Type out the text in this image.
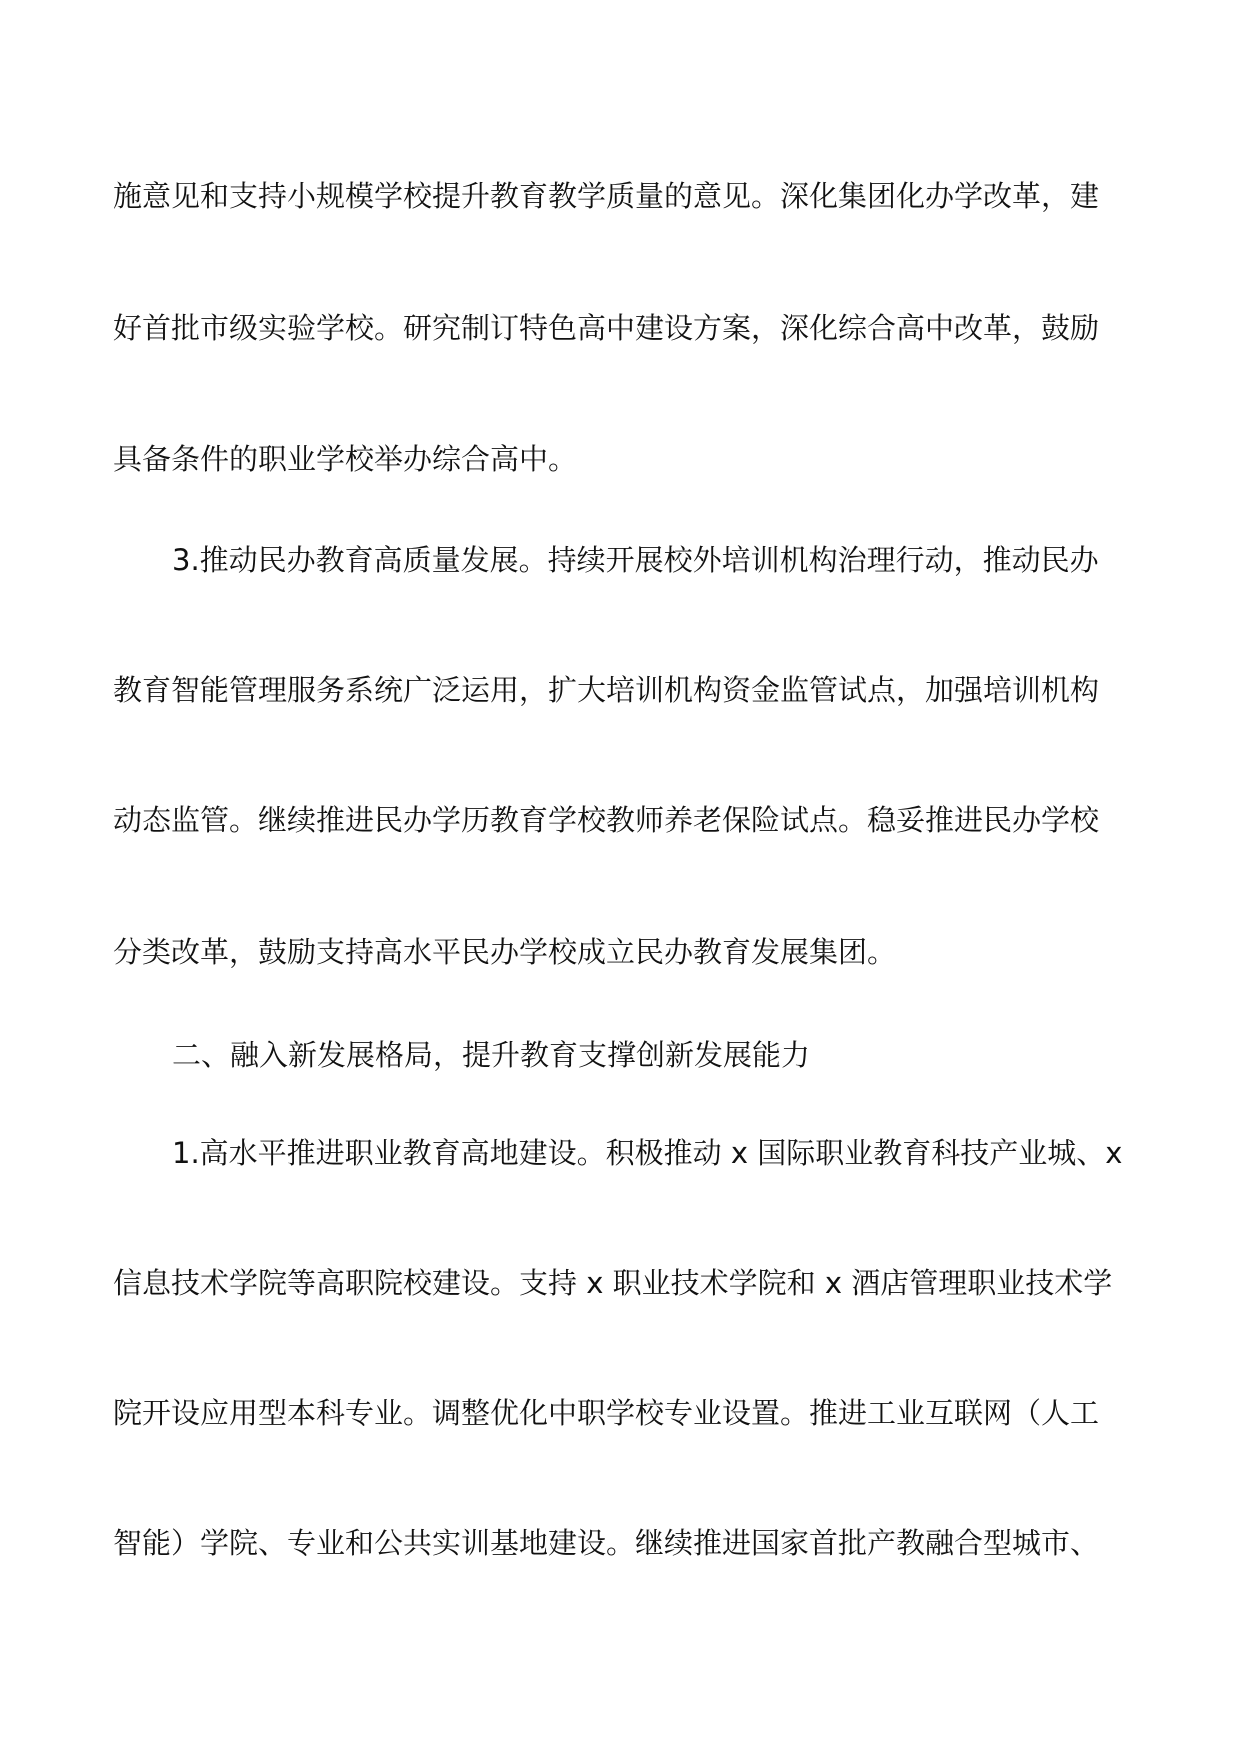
施意见和支持小规模学校提升教育教学质量的意见。深化集团化办学改革，建
好首批市级实验学校。研究制订特色高中建设方案，深化综合高中改革，鼓励
具备条件的职业学校举办综合高中。
3.推动民办教育高质量发展。持续开展校外培训机构治理行动，推动民办
教育智能管理服务系统广泛运用，扩大培训机构资金监管试点，加强培训机构
动态监管。继续推进民办学历教育学校教师养老保险试点。稳妥推进民办学校
分类改革，鼓励支持高水平民办学校成立民办教育发展集团。
二、融入新发展格局，提升教育支撑创新发展能力
1.高水平推进职业教育高地建设。积极推动 x 国际职业教育科技产业城、x
信息技术学院等高职院校建设。支持 x 职业技术学院和 x 酒店管理职业技术学
院开设应用型本科专业。调整优化中职学校专业设置。推进工业互联网（人工
智能）学院、专业和公共实训基地建设。继续推进国家首批产教融合型城市、
